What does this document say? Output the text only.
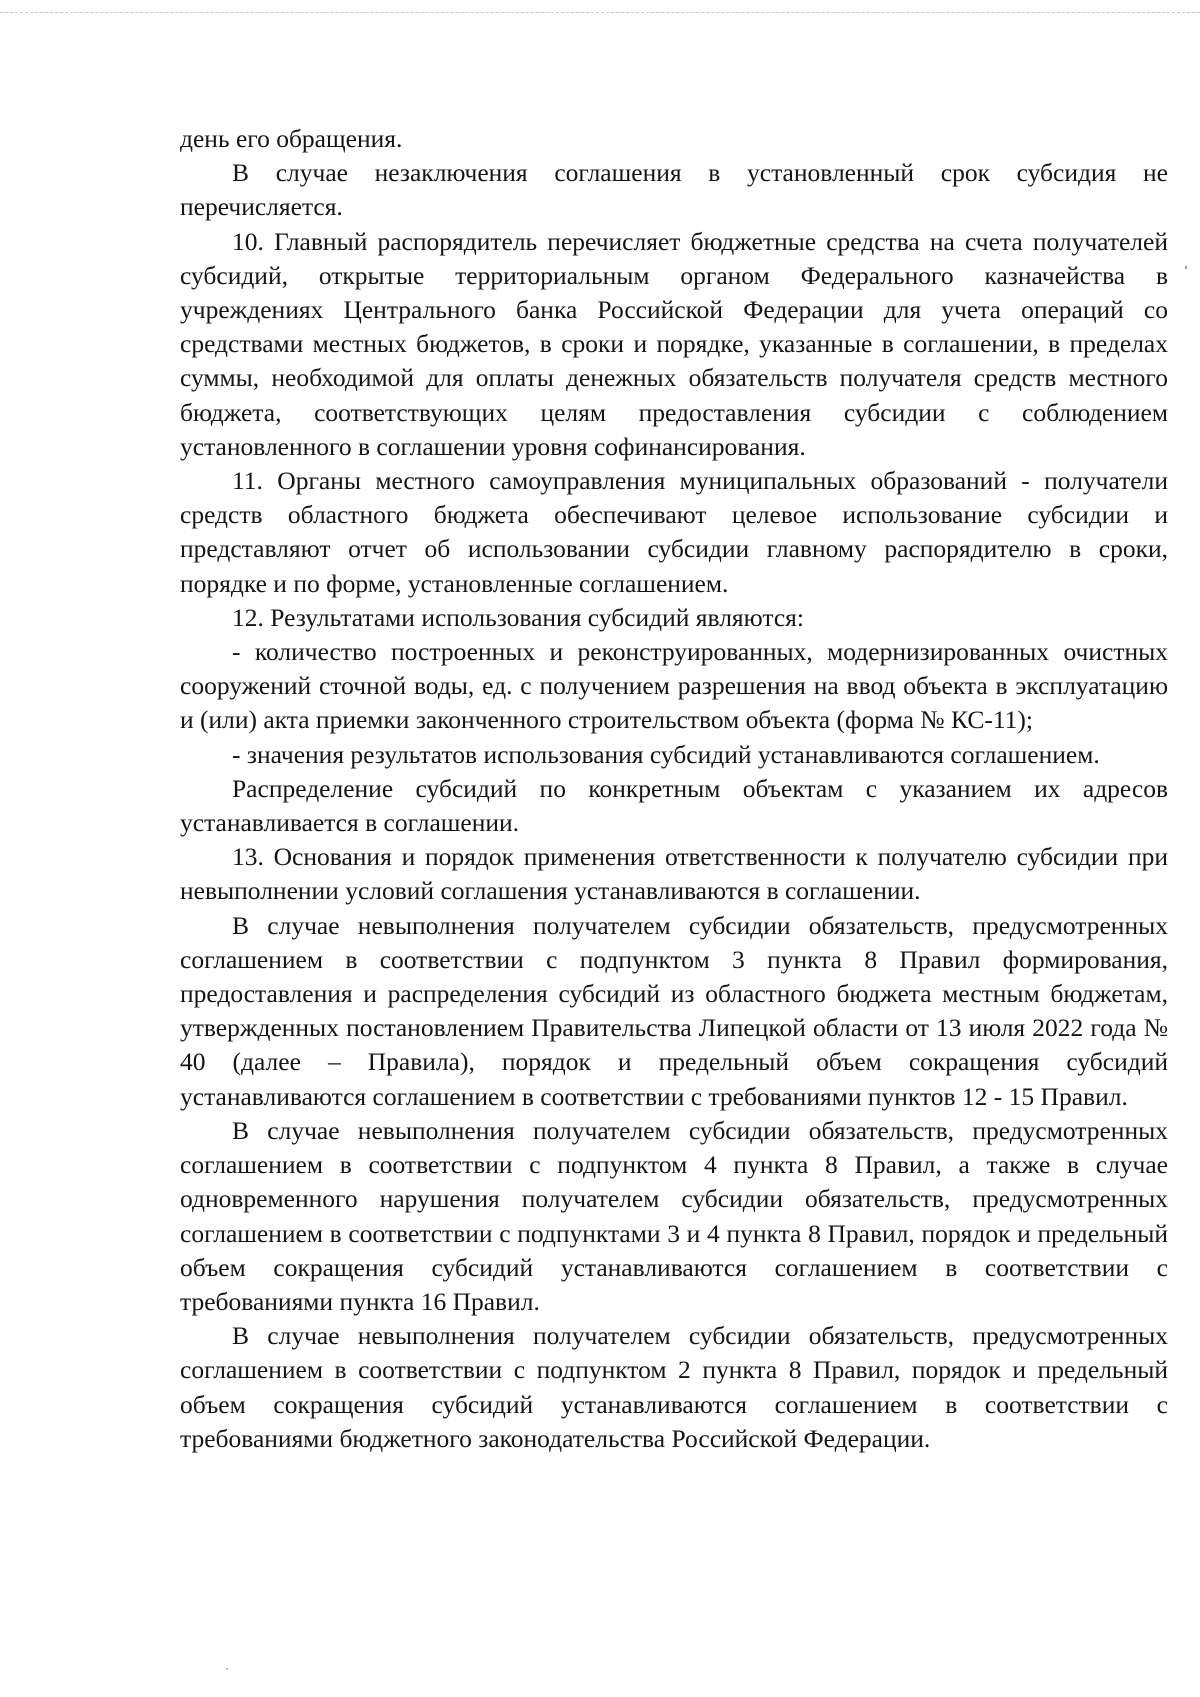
день его обращения.

В случае незаключения соглашения в установленный срок субсидия не перечисляется.

10. Главный распорядитель перечисляет бюджетные средства на счета получателей субсидий, открытые территориальным органом Федерального казначейства в учреждениях Центрального банка Российской Федерации для учета операций со средствами местных бюджетов, в сроки и порядке, указанные в соглашении, в пределах суммы, необходимой для оплаты денежных обязательств получателя средств местного бюджета, соответствующих целям предоставления субсидии с соблюдением установленного в соглашении уровня софинансирования.

11. Органы местного самоуправления муниципальных образований - получатели средств областного бюджета обеспечивают целевое использование субсидии и представляют отчет об использовании субсидии главному распорядителю в сроки, порядке и по форме, установленные соглашением.

12. Результатами использования субсидий являются:

- количество построенных и реконструированных, модернизированных очистных сооружений сточной воды, ед. с получением разрешения на ввод объекта в эксплуатацию и (или) акта приемки законченного строительством объекта (форма № КС-11);

- значения результатов использования субсидий устанавливаются соглашением.

Распределение субсидий по конкретным объектам с указанием их адресов устанавливается в соглашении.

13. Основания и порядок применения ответственности к получателю субсидии при невыполнении условий соглашения устанавливаются в соглашении.

В случае невыполнения получателем субсидии обязательств, предусмотренных соглашением в соответствии с подпунктом 3 пункта 8 Правил формирования, предоставления и распределения субсидий из областного бюджета местным бюджетам, утвержденных постановлением Правительства Липецкой области от 13 июля 2022 года № 40 (далее – Правила), порядок и предельный объем сокращения субсидий устанавливаются соглашением в соответствии с требованиями пунктов 12 - 15 Правил.

В случае невыполнения получателем субсидии обязательств, предусмотренных соглашением в соответствии с подпунктом 4 пункта 8 Правил, а также в случае одновременного нарушения получателем субсидии обязательств, предусмотренных соглашением в соответствии с подпунктами 3 и 4 пункта 8 Правил, порядок и предельный объем сокращения субсидий устанавливаются соглашением в соответствии с требованиями пункта 16 Правил.

В случае невыполнения получателем субсидии обязательств, предусмотренных соглашением в соответствии с подпунктом 2 пункта 8 Правил, порядок и предельный объем сокращения субсидий устанавливаются соглашением в соответствии с требованиями бюджетного законодательства Российской Федерации.
